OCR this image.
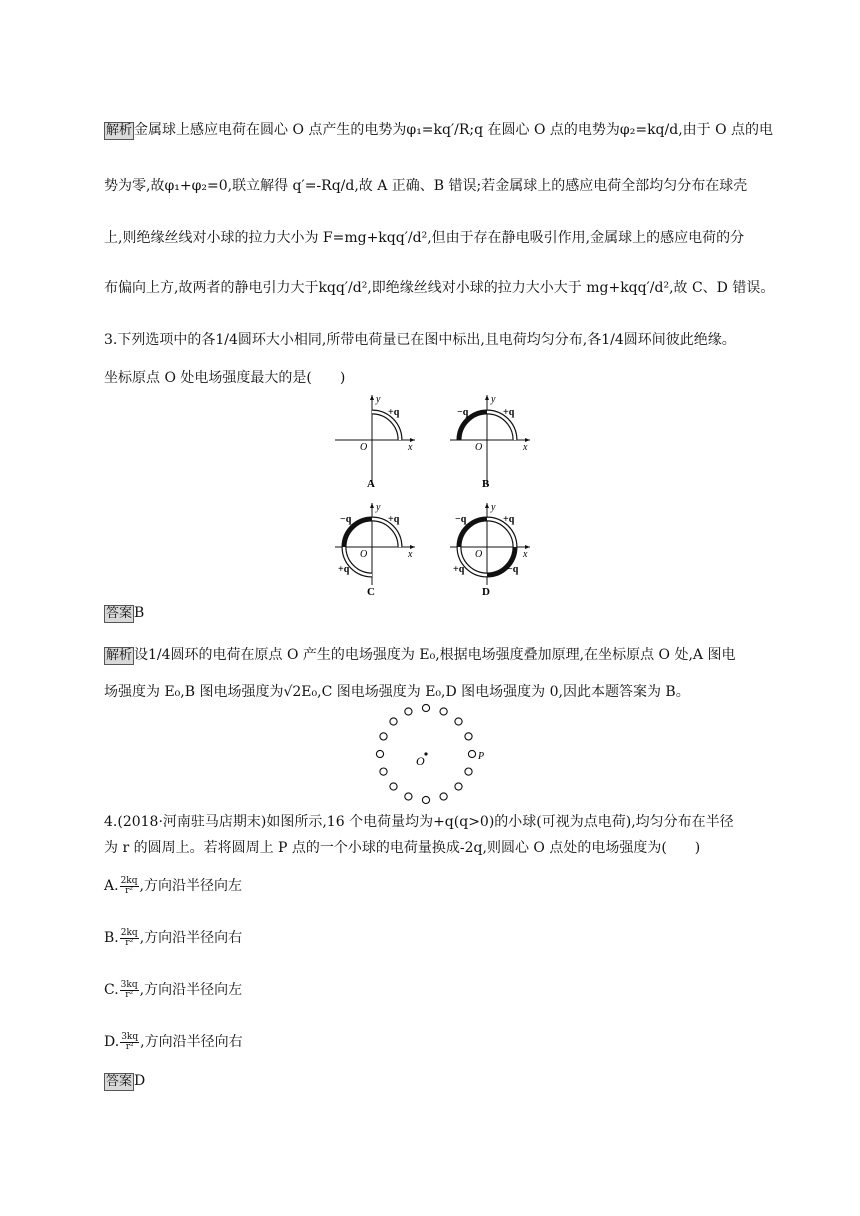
解析 金属球上感应电荷在圆心 O 点产生的电势为φ₁=kq′/R;q 在圆心 O 点的电势为φ₂=kq/d,由于 O 点的电
势为零,故φ₁+φ₂=0,联立解得 q′=-Rq/d,故 A 正确、B 错误;若金属球上的感应电荷全部均匀分布在球壳
上,则绝缘丝线对小球的拉力大小为 F=mg+kqq′/d²,但由于存在静电吸引作用,金属球上的感应电荷的分
布偏向上方,故两者的静电引力大于kqq′/d²,即绝缘丝线对小球的拉力大小大于 mg+kqq′/d²,故 C、D 错误。
3.下列选项中的各1/4圆环大小相同,所带电荷量已在图中标出,且电荷均匀分布,各1/4圆环间彼此绝缘。
坐标原点 O 处电场强度最大的是(　　)
y
x
O
+q
A
y
x
O
+q
−q
B
y
x
O
+q
−q
+q
C
y
x
O
+q
−q
+q	−q
D
答案 B
解析 设1/4圆环的电荷在原点 O 产生的电场强度为 E₀,根据电场强度叠加原理,在坐标原点 O 处,A 图电
场强度为 E₀,B 图电场强度为√2E₀,C 图电场强度为 E₀,D 图电场强度为 0,因此本题答案为 B。
O	P
4.(2018·河南驻马店期末)如图所示,16 个电荷量均为+q(q>0)的小球(可视为点电荷),均匀分布在半径
为 r 的圆周上。若将圆周上 P 点的一个小球的电荷量换成-2q,则圆心 O 点处的电场强度为(　　)
A. $\frac{2kq}{\text{r²}}$ ,方向沿半径向左
B. $\frac{2kq}{\text{r²}}$ ,方向沿半径向右
C. $\frac{3kq}{\text{r²}}$ ,方向沿半径向左
D. $\frac{3kq}{\text{r²}}$ ,方向沿半径向右
答案 D
